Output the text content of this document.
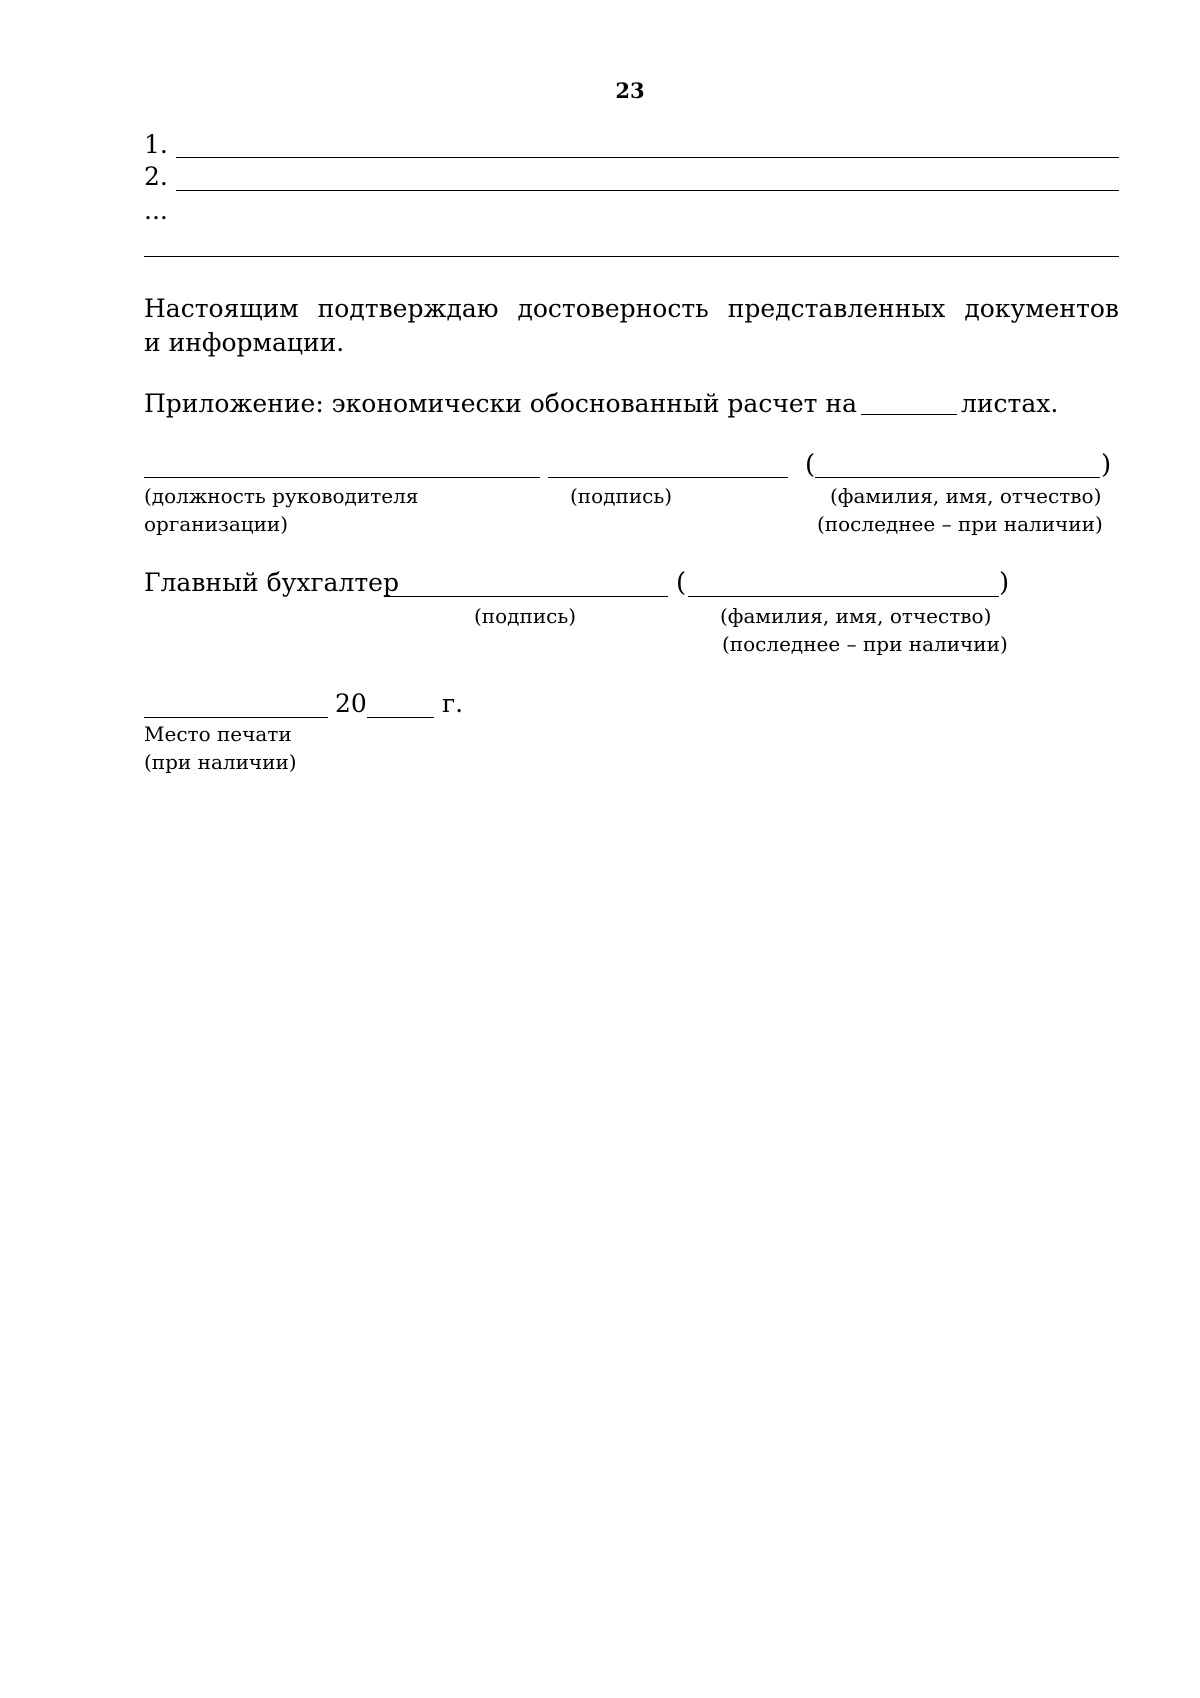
23
1.
2.
...
Настоящим подтверждаю достоверность представленных документов
и информации.
Приложение: экономически обоснованный расчет на	листах.
(	)
(должность руководителя
организации)
(подпись)	(фамилия, имя, отчество)
(последнее – при наличии)
Главный бухгалтер	(	)
(подпись)	(фамилия, имя, отчество)
(последнее – при наличии)
20	г.
Место печати
(при наличии)
